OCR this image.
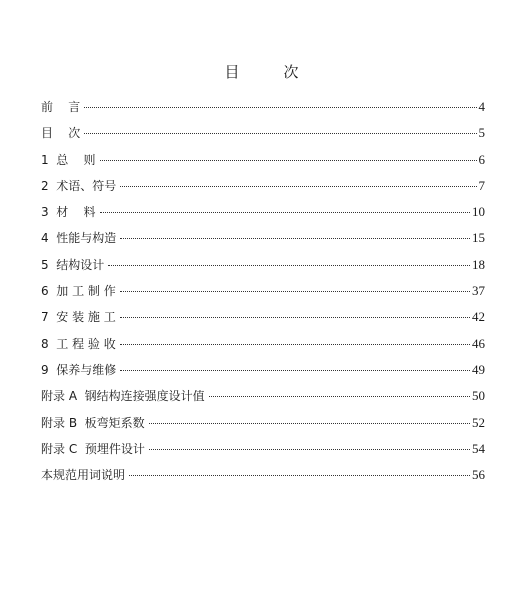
目	次
前    言	4
目    次	5
1  总    则	6
2  术语、符号	7
3  材    料	10
4  性能与构造	15
5  结构设计	18
6  加 工 制 作	37
7  安 装 施 工	42
8  工 程 验 收	46
9  保养与维修	49
附录 A  钢结构连接强度设计值	50
附录 B  板弯矩系数	52
附录 C  预埋件设计	54
本规范用词说明	56
